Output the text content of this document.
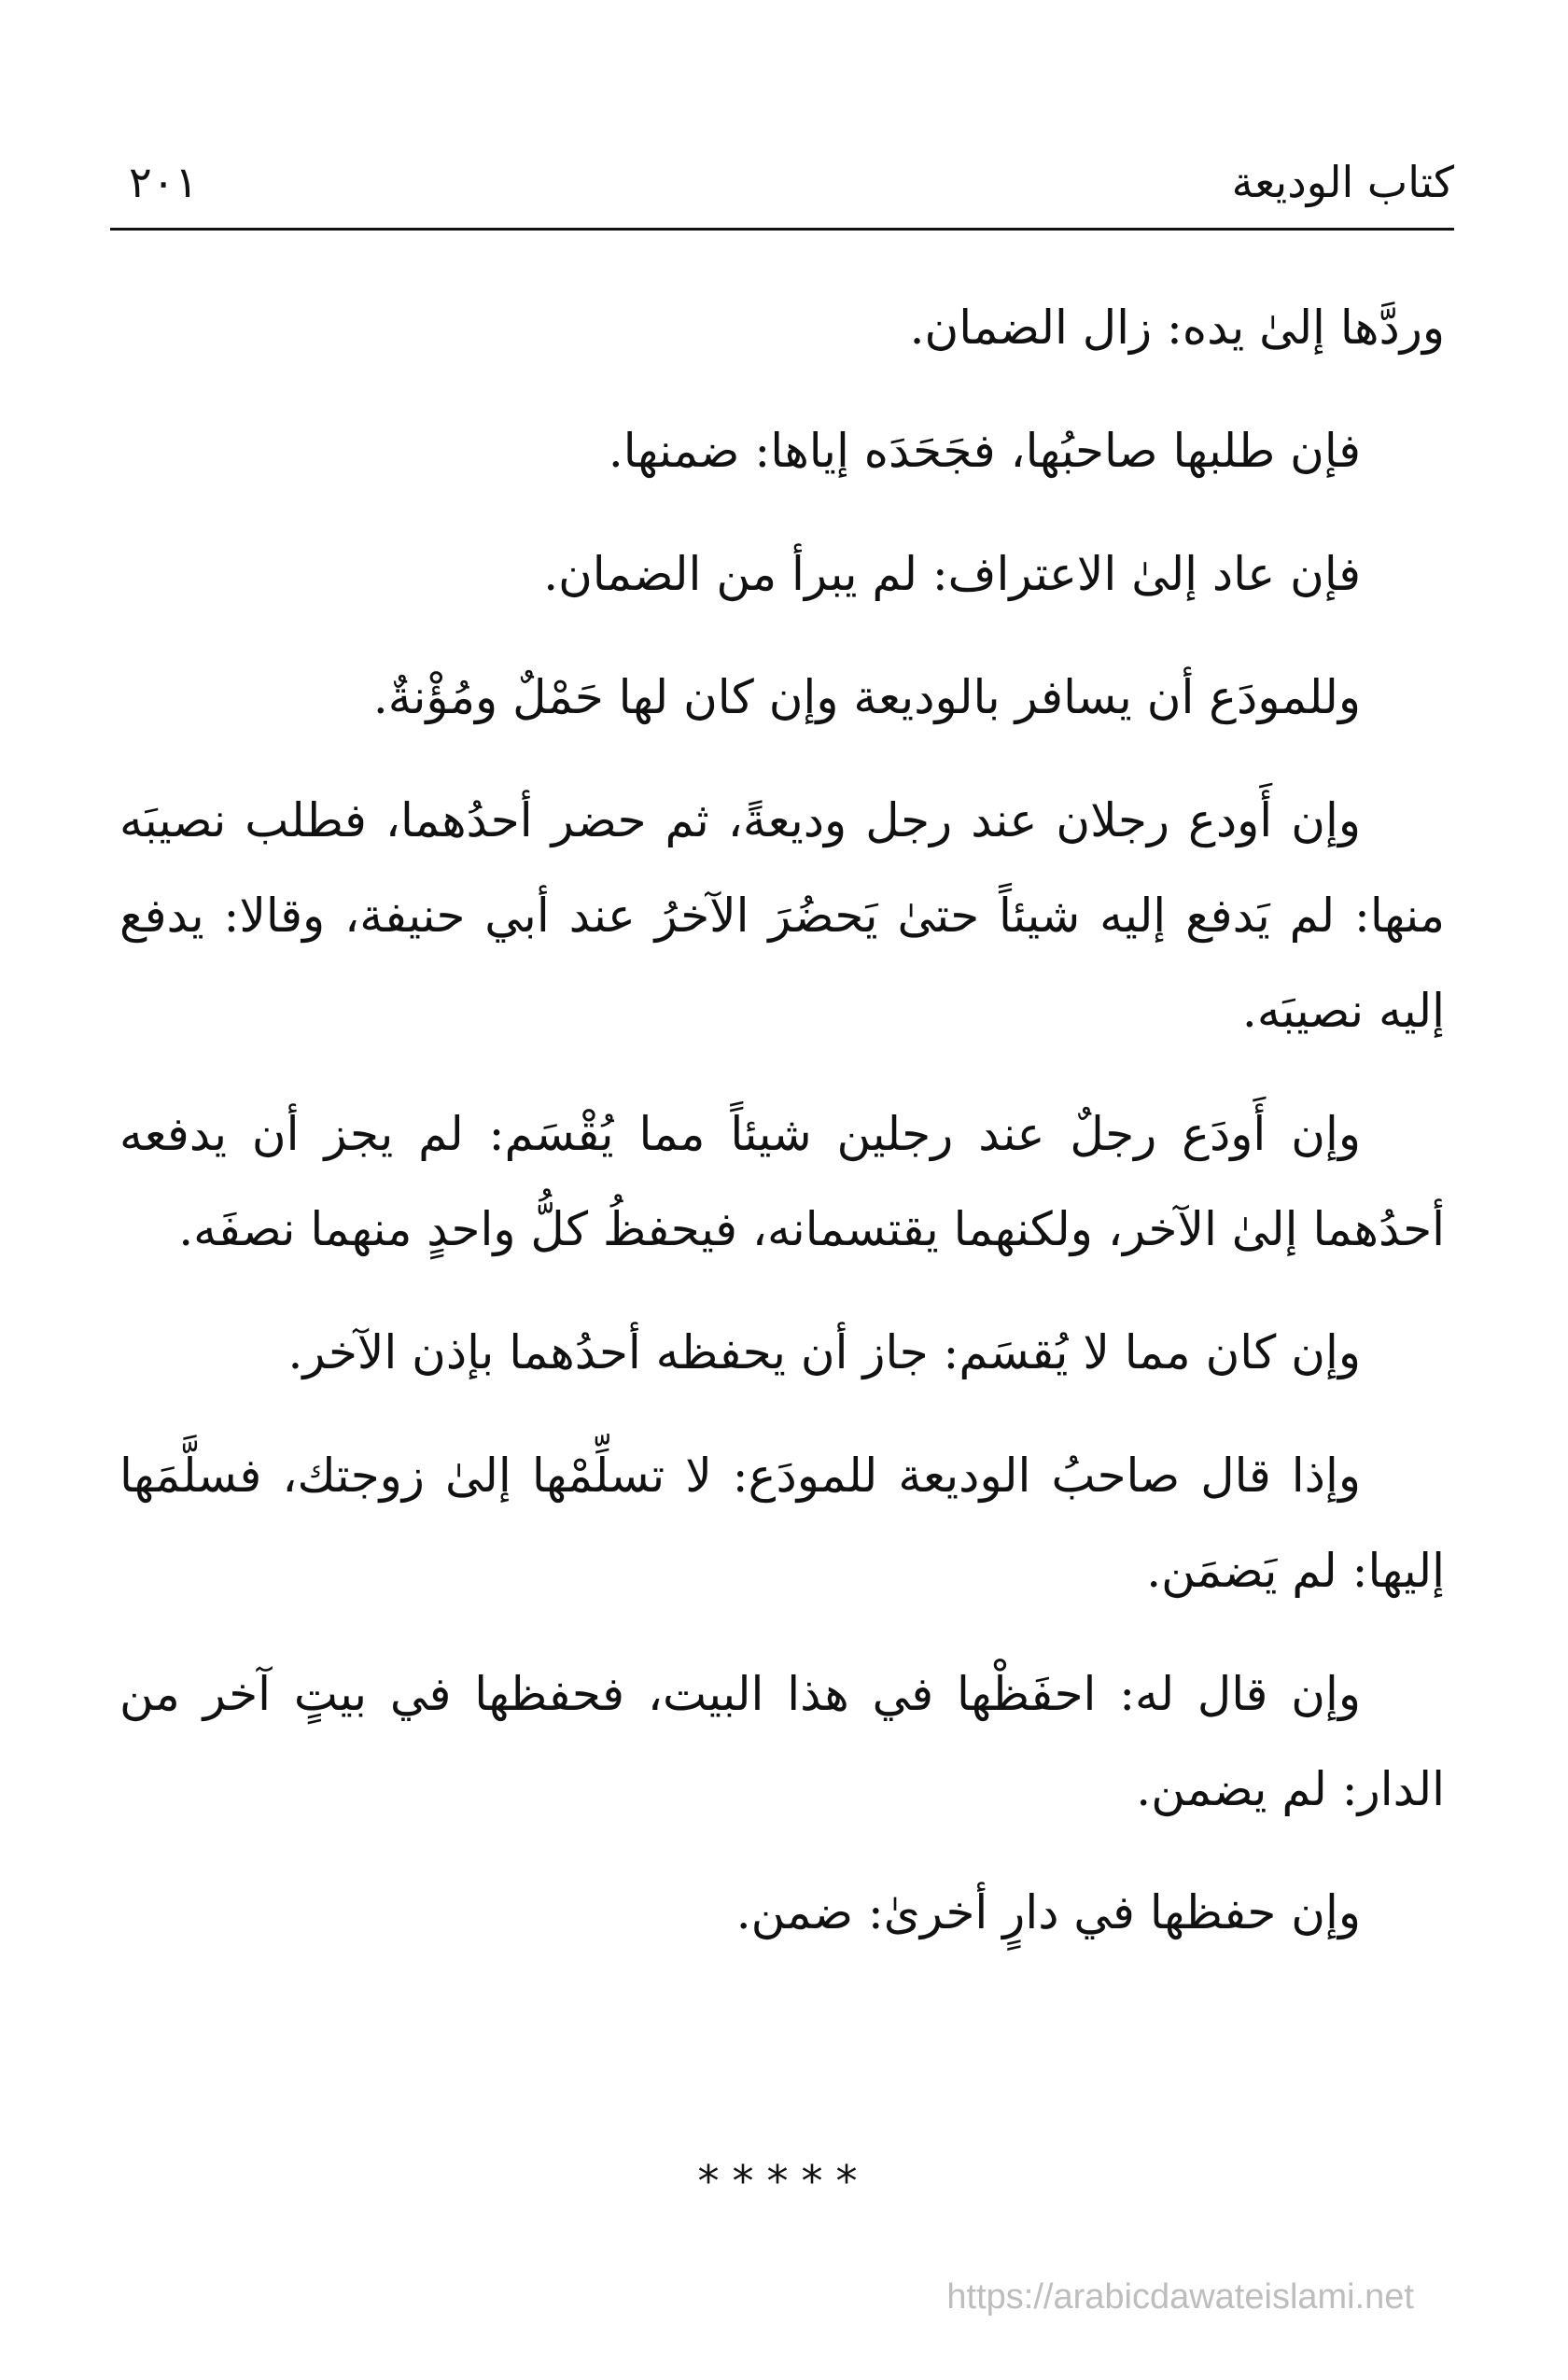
كتاب الوديعة
٢٠١

وردَّها إلىٰ يده: زال الضمان.

فإن طلبها صاحبُها، فجَحَدَه إياها: ضمنها.

فإن عاد إلىٰ الاعتراف: لم يبرأ من الضمان.

وللمودَع أن يسافر بالوديعة وإن كان لها حَمْلٌ ومُؤْنةٌ.

وإن أَودع رجلان عند رجل وديعةً، ثم حضر أحدُهما، فطلب نصيبَه منها: لم يَدفع إليه شيئاً حتىٰ يَحضُرَ الآخرُ عند أبي حنيفة، وقالا: يدفع إليه نصيبَه.

وإن أَودَع رجلٌ عند رجلين شيئاً مما يُقْسَم: لم يجز أن يدفعه أحدُهما إلىٰ الآخر، ولكنهما يقتسمانه، فيحفظُ كلُّ واحدٍ منهما نصفَه.

وإن كان مما لا يُقسَم: جاز أن يحفظه أحدُهما بإذن الآخر.

وإذا قال صاحبُ الوديعة للمودَع: لا تسلِّمْها إلىٰ زوجتك، فسلَّمَها إليها: لم يَضمَن.

وإن قال له: احفَظْها في هذا البيت، فحفظها في بيتٍ آخر من الدار: لم يضمن.

وإن حفظها في دارٍ أخرىٰ: ضمن.

*****
https://arabicdawateislami.net
